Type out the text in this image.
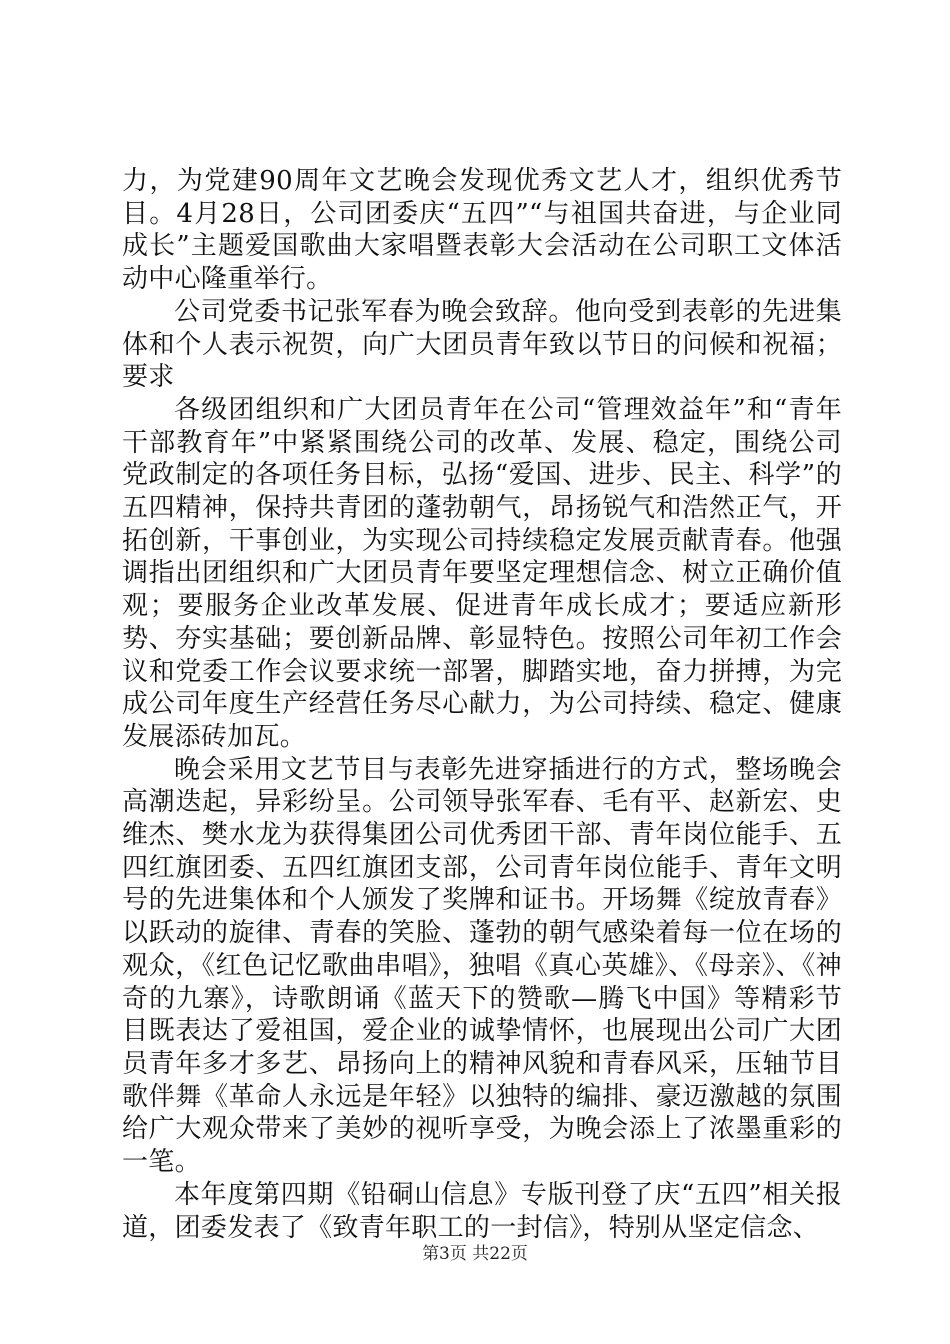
力，为党建90周年文艺晚会发现优秀文艺人才，组织优秀节目。4月28日，公司团委庆“五四”“与祖国共奋进，与企业同成长”主题爱国歌曲大家唱暨表彰大会活动在公司职工文体活动中心隆重举行。

公司党委书记张军春为晚会致辞。他向受到表彰的先进集体和个人表示祝贺，向广大团员青年致以节日的问候和祝福；要求

各级团组织和广大团员青年在公司“管理效益年”和“青年干部教育年”中紧紧围绕公司的改革、发展、稳定，围绕公司党政制定的各项任务目标，弘扬“爱国、进步、民主、科学”的五四精神，保持共青团的蓬勃朝气，昂扬锐气和浩然正气，开拓创新，干事创业，为实现公司持续稳定发展贡献青春。他强调指出团组织和广大团员青年要坚定理想信念、树立正确价值观；要服务企业改革发展、促进青年成长成才；要适应新形势、夯实基础；要创新品牌、彰显特色。按照公司年初工作会议和党委工作会议要求统一部署，脚踏实地，奋力拼搏，为完成公司年度生产经营任务尽心献力，为公司持续、稳定、健康发展添砖加瓦。

晚会采用文艺节目与表彰先进穿插进行的方式，整场晚会高潮迭起，异彩纷呈。公司领导张军春、毛有平、赵新宏、史维杰、樊水龙为获得集团公司优秀团干部、青年岗位能手、五四红旗团委、五四红旗团支部，公司青年岗位能手、青年文明号的先进集体和个人颁发了奖牌和证书。开场舞《绽放青春》以跃动的旋律、青春的笑脸、蓬勃的朝气感染着每一位在场的观众，《红色记忆歌曲串唱》，独唱《真心英雄》、《母亲》、《神奇的九寨》，诗歌朗诵《蓝天下的赞歌—腾飞中国》等精彩节目既表达了爱祖国，爱企业的诚挚情怀，也展现出公司广大团员青年多才多艺、昂扬向上的精神风貌和青春风采，压轴节目歌伴舞《革命人永远是年轻》以独特的编排、豪迈激越的氛围给广大观众带来了美妙的视听享受，为晚会添上了浓墨重彩的一笔。

本年度第四期《铅硐山信息》专版刊登了庆“五四”相关报道，团委发表了《致青年职工的一封信》，特别从坚定信念、

第3页 共22页
